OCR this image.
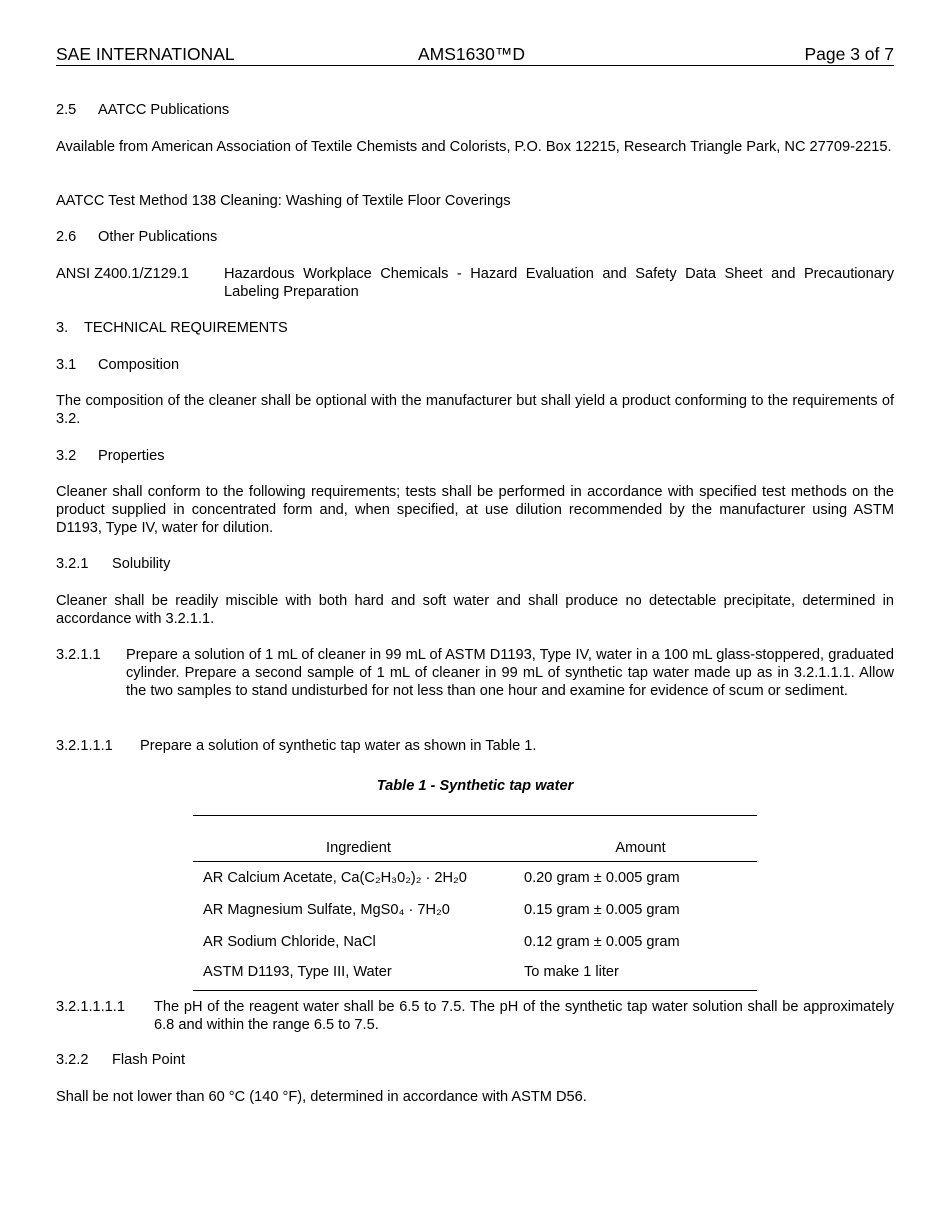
SAE INTERNATIONAL	AMS1630™D	Page 3 of 7
2.5 AATCC Publications
Available from American Association of Textile Chemists and Colorists, P.O. Box 12215, Research Triangle Park, NC 27709-2215.
AATCC Test Method 138 Cleaning: Washing of Textile Floor Coverings
2.6 Other Publications
ANSI Z400.1/Z129.1 Hazardous Workplace Chemicals - Hazard Evaluation and Safety Data Sheet and Precautionary Labeling Preparation
3. TECHNICAL REQUIREMENTS
3.1 Composition
The composition of the cleaner shall be optional with the manufacturer but shall yield a product conforming to the requirements of 3.2.
3.2 Properties
Cleaner shall conform to the following requirements; tests shall be performed in accordance with specified test methods on the product supplied in concentrated form and, when specified, at use dilution recommended by the manufacturer using ASTM D1193, Type IV, water for dilution.
3.2.1 Solubility
Cleaner shall be readily miscible with both hard and soft water and shall produce no detectable precipitate, determined in accordance with 3.2.1.1.
3.2.1.1 Prepare a solution of 1 mL of cleaner in 99 mL of ASTM D1193, Type IV, water in a 100 mL glass-stoppered, graduated cylinder. Prepare a second sample of 1 mL of cleaner in 99 mL of synthetic tap water made up as in 3.2.1.1.1. Allow the two samples to stand undisturbed for not less than one hour and examine for evidence of scum or sediment.
3.2.1.1.1 Prepare a solution of synthetic tap water as shown in Table 1.
Table 1 - Synthetic tap water
Ingredient	Amount
AR Calcium Acetate, Ca(C₂H₃0₂)₂ · 2H₂0	0.20 gram ± 0.005 gram
AR Magnesium Sulfate, MgS0₄ · 7H₂0	0.15 gram ± 0.005 gram
AR Sodium Chloride, NaCl	0.12 gram ± 0.005 gram
ASTM D1193, Type III, Water	To make 1 liter
3.2.1.1.1.1 The pH of the reagent water shall be 6.5 to 7.5. The pH of the synthetic tap water solution shall be approximately 6.8 and within the range 6.5 to 7.5.
3.2.2 Flash Point
Shall be not lower than 60 °C (140 °F), determined in accordance with ASTM D56.
